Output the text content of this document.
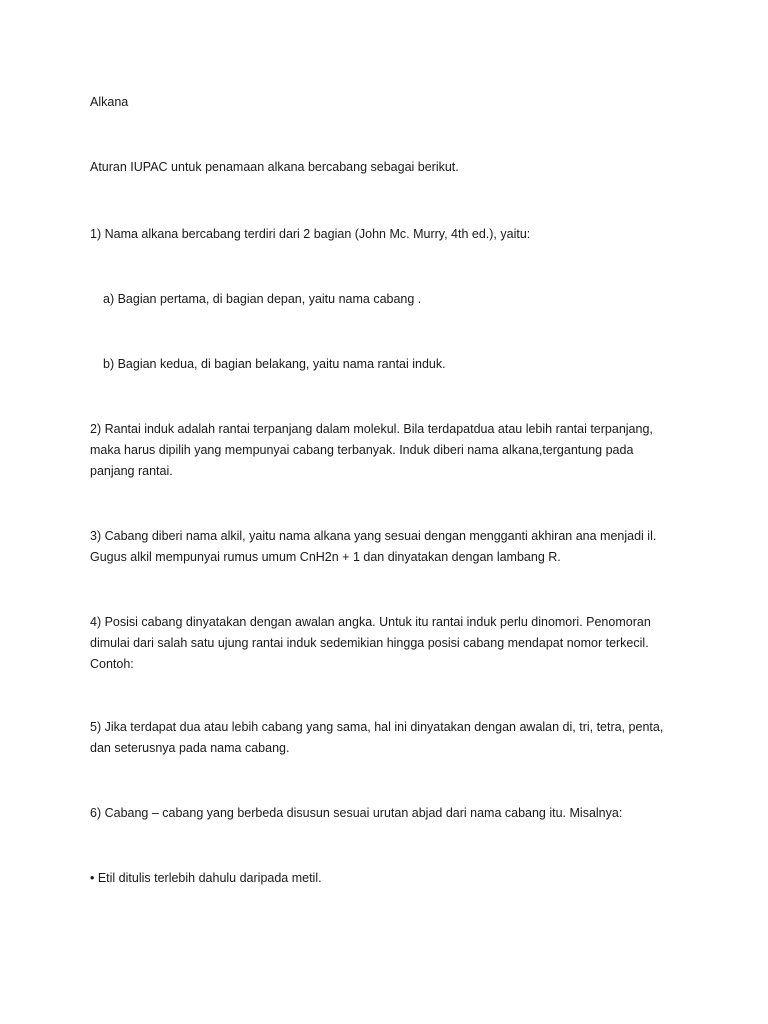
Alkana

Aturan IUPAC untuk penamaan alkana bercabang sebagai berikut.

1) Nama alkana bercabang terdiri dari 2 bagian (John Mc. Murry, 4th ed.), yaitu:

a) Bagian pertama, di bagian depan, yaitu nama cabang .

b) Bagian kedua, di bagian belakang, yaitu nama rantai induk.

2) Rantai induk adalah rantai terpanjang dalam molekul. Bila terdapatdua atau lebih rantai terpanjang,
maka harus dipilih yang mempunyai cabang terbanyak. Induk diberi nama alkana,tergantung pada
panjang rantai.
3) Cabang diberi nama alkil, yaitu nama alkana yang sesuai dengan mengganti akhiran ana menjadi il.
Gugus alkil mempunyai rumus umum CnH2n + 1 dan dinyatakan dengan lambang R.
4) Posisi cabang dinyatakan dengan awalan angka. Untuk itu rantai induk perlu dinomori. Penomoran
dimulai dari salah satu ujung rantai induk sedemikian hingga posisi cabang mendapat nomor terkecil.
Contoh:
5) Jika terdapat dua atau lebih cabang yang sama, hal ini dinyatakan dengan awalan di, tri, tetra, penta,
dan seterusnya pada nama cabang.

6) Cabang – cabang yang berbeda disusun sesuai urutan abjad dari nama cabang itu. Misalnya:

• Etil ditulis terlebih dahulu daripada metil.
